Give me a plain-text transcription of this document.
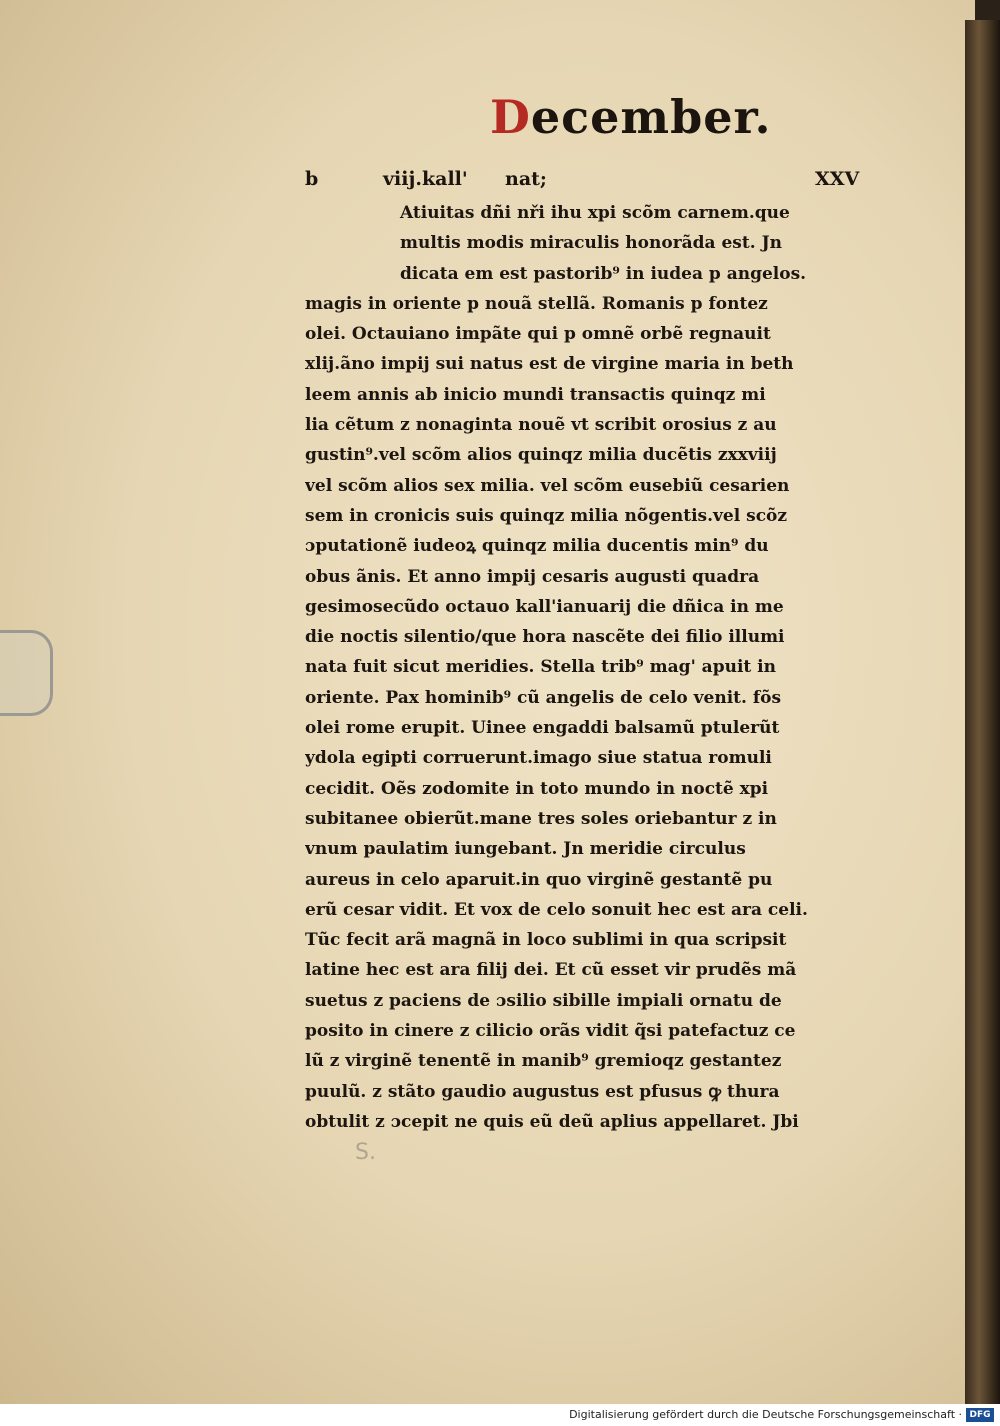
December.
b	viij.kall' nat;	XXV
Atiuitas dñi nři ihu xpi scõm carnem.que
multis modis miraculis honorãda est. Jn
dicata em est pastorib⁹ in iudea p angelos.
magis in oriente p nouã stellã. Romanis p fontez
olei. Octauiano impãte qui p omnẽ orbẽ regnauit
xlij.ãno impij sui natus est de virgine maria in beth
leem annis ab inicio mundi transactis quinqz mi
lia cẽtum z nonaginta nouẽ vt scribit orosius z au
gustin⁹.vel scõm alios quinqz milia ducẽtis zxxviij
vel scõm alios sex milia. vel scõm eusebiũ cesarien
sem in cronicis suis quinqz milia nõgentis.vel scõz
ɔputationẽ iudeoꝝ quinqz milia ducentis min⁹ du
obus ãnis. Et anno impij cesaris augusti quadra
gesimosecũdo octauo kall'ianuarij die dñica in me
die noctis silentio/que hora nascẽte dei filio illumi
nata fuit sicut meridies. Stella trib⁹ mag' apuit in
oriente. Pax hominib⁹ cũ angelis de celo venit. fõs
olei rome erupit. Uinee engaddi balsamũ ptulerũt
ydola egipti corruerunt.imago siue statua romuli
cecidit. Oẽs zodomite in toto mundo in noctẽ xpi
subitanee obierũt.mane tres soles oriebantur z in
vnum paulatim iungebant. Jn meridie circulus
aureus in celo aparuit.in quo virginẽ gestantẽ pu
erũ cesar vidit. Et vox de celo sonuit hec est ara celi.
Tũc fecit arã magnã in loco sublimi in qua scripsit
latine hec est ara filij dei. Et cũ esset vir prudẽs mã
suetus z paciens de ɔsilio sibille impiali ornatu de
posito in cinere z cilicio orãs vidit q̃si patefactuz ce
lũ z virginẽ tenentẽ in manib⁹ gremioqz gestantez
puulũ. z stãto gaudio augustus est pfusus ꝙ thura
obtulit z ɔcepit ne quis eũ deũ aplius appellaret. Jbi
S.
Digitalisierung gefördert durch die Deutsche Forschungsgemeinschaft · DFG
